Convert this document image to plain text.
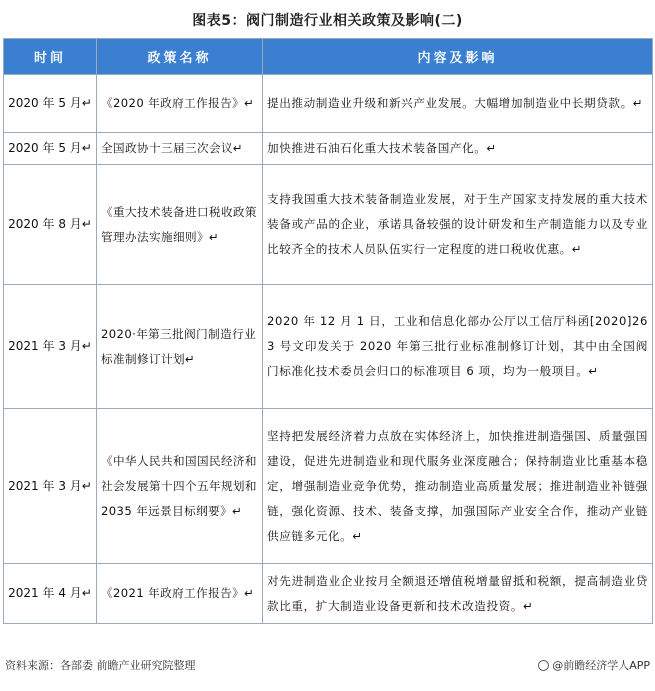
图表5：阀门制造行业相关政策及影响(二)
时间	政策名称	内容及影响
2020 年 5 月↵	《2020 年政府工作报告》↵	提出推动制造业升级和新兴产业发展。大幅增加制造业中长期贷款。↵
2020 年 5 月↵	全国政协十三届三次会议↵	加快推进石油石化重大技术装备国产化。↵
2020 年 8 月↵	《重大技术装备进口税收政策管理办法实施细则》↵	支持我国重大技术装备制造业发展，对于生产国家支持发展的重大技术装备或产品的企业，承诺具备较强的设计研发和生产制造能力以及专业比较齐全的技术人员队伍实行一定程度的进口税收优惠。↵
2021 年 3 月↵	2020·年第三批阀门制造行业标准制修订计划↵	2020 年 12 月 1 日，工业和信息化部办公厅以工信厅科函[2020]263 号文印发关于 2020 年第三批行业标准制修订计划，其中由全国阀门标准化技术委员会归口的标准项目 6 项，均为一般项目。↵
2021 年 3 月↵	《中华人民共和国国民经济和社会发展第十四个五年规划和 2035 年远景目标纲要》↵	坚持把发展经济着力点放在实体经济上，加快推进制造强国、质量强国建设，促进先进制造业和现代服务业深度融合；保持制造业比重基本稳定，增强制造业竞争优势，推动制造业高质量发展；推进制造业补链强链，强化资源、技术、装备支撑，加强国际产业安全合作，推动产业链供应链多元化。↵
2021 年 4 月↵	《2021 年政府工作报告》↵	对先进制造业企业按月全额退还增值税增量留抵和税额，提高制造业贷款比重，扩大制造业设备更新和技术改造投资。↵
资料来源：各部委 前瞻产业研究院整理	@前瞻经济学人APP
